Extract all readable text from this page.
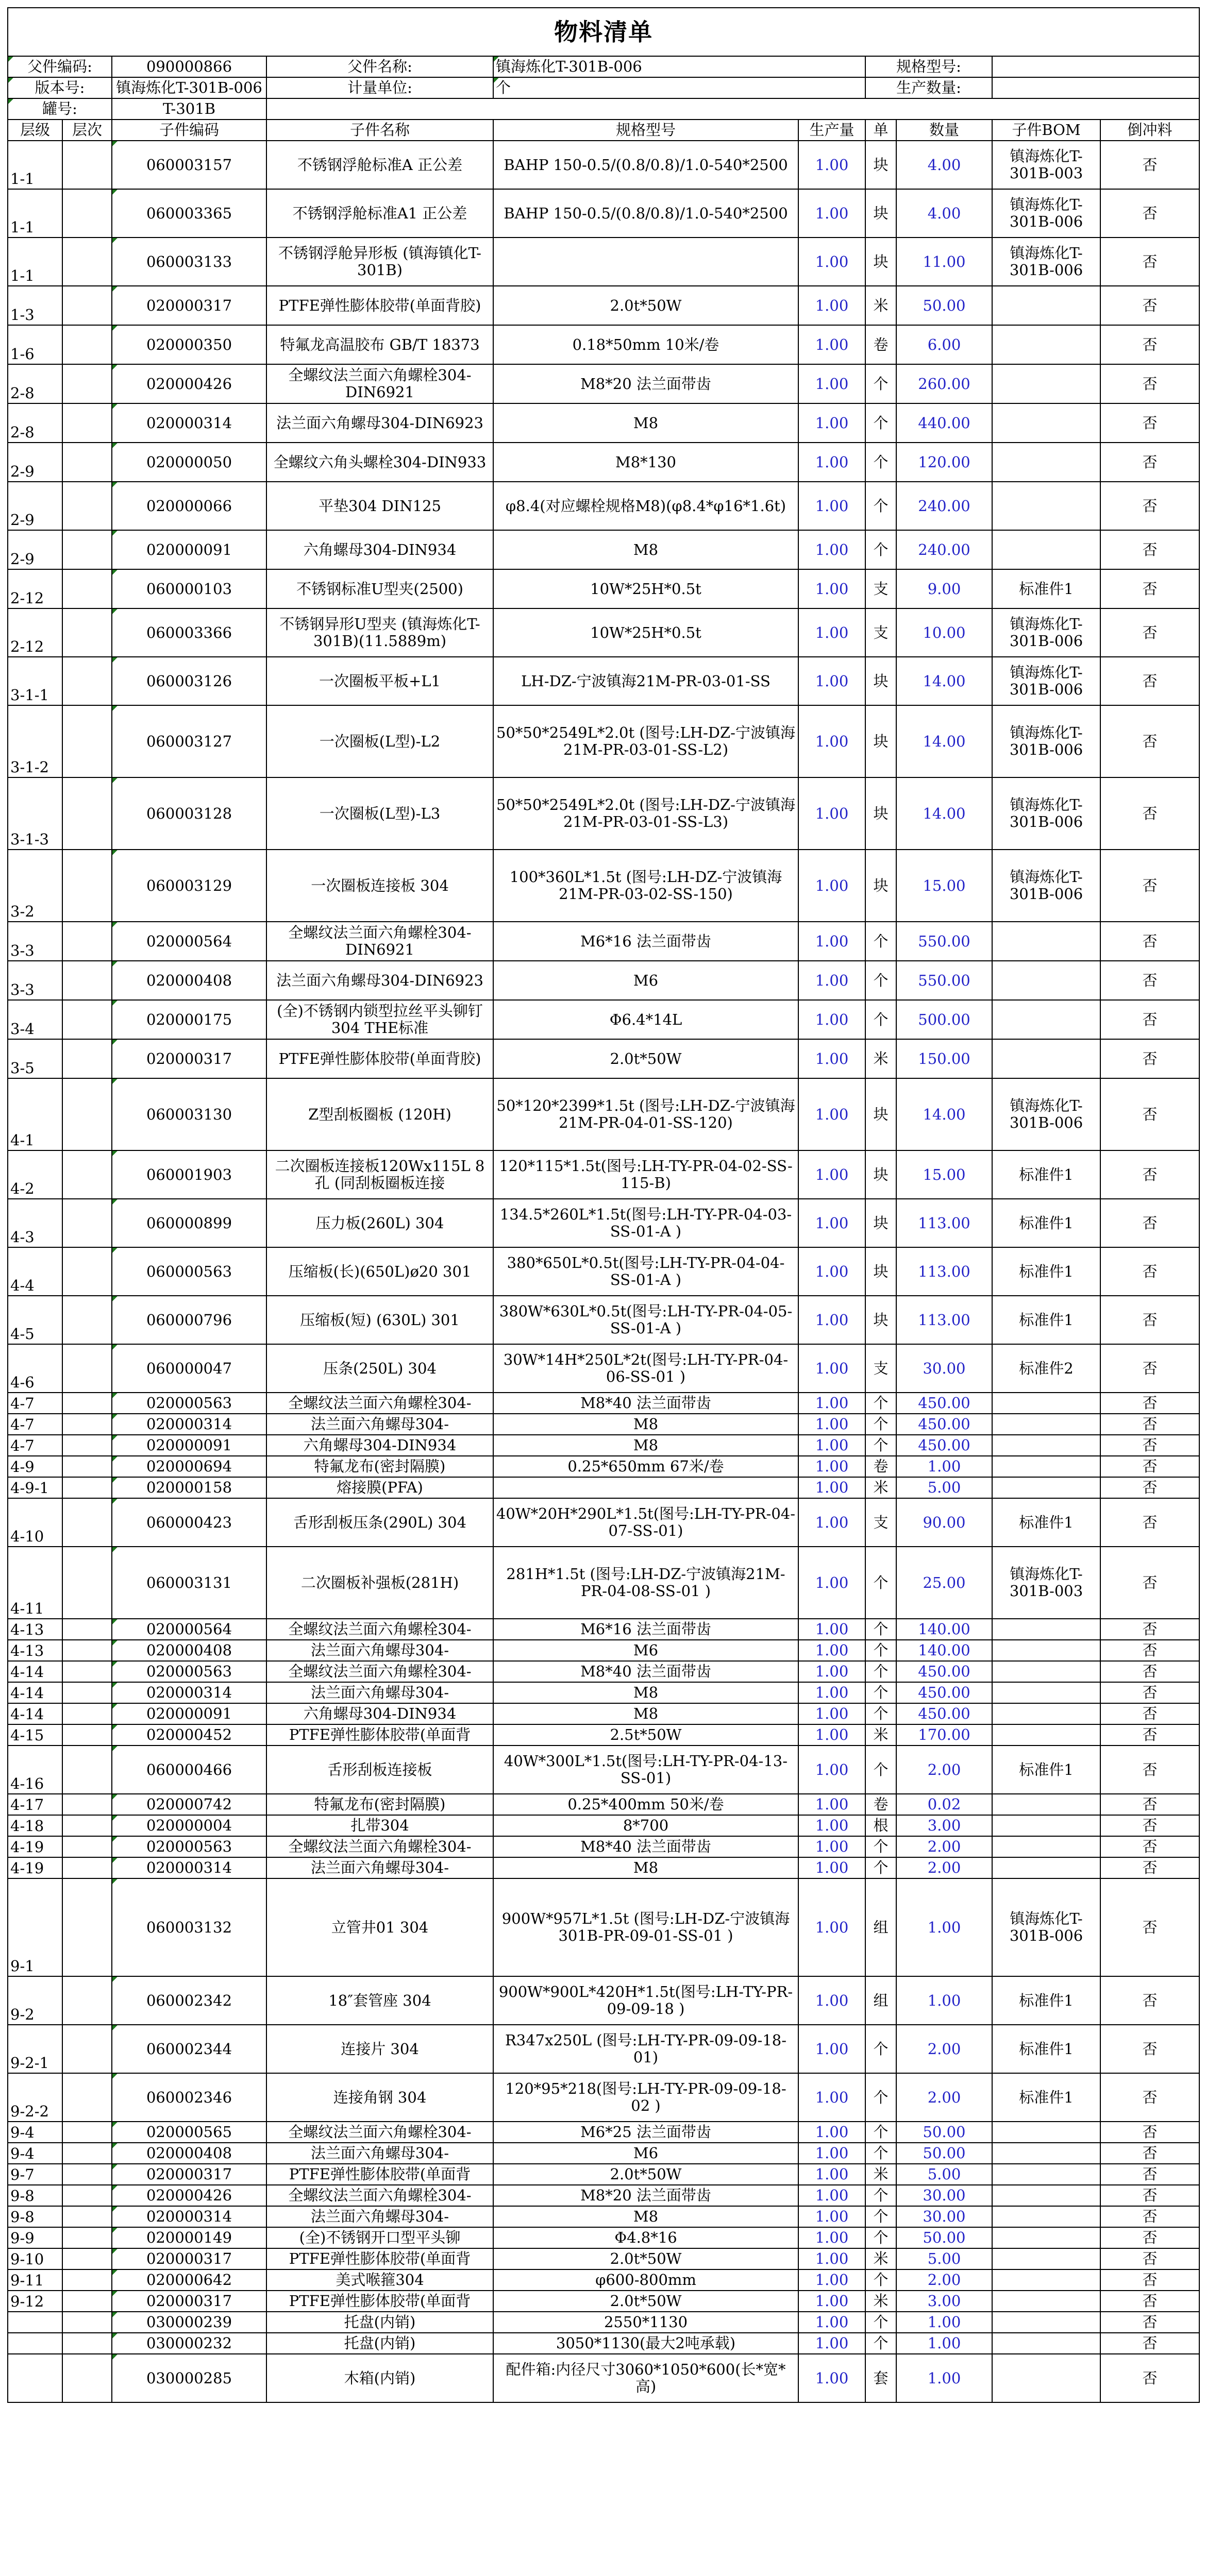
物料清单									
父件编码:		090000866	父件名称:	镇海炼化T-301B-006		规格型号:			
版本号:		镇海炼化T-301B-006	计量单位:	个		生产数量:			
罐号:		T-301B							
层级	层次	子件编码	子件名称	规格型号	生产量	单	数量	子件BOM	倒冲料
1-1		060003157	不锈钢浮舱标准A 正公差	BAHP 150-0.5/(0.8/0.8)/1.0-540*2500	1.00	块	4.00	镇海炼化T-301B-003	否
1-1		060003365	不锈钢浮舱标准A1 正公差	BAHP 150-0.5/(0.8/0.8)/1.0-540*2500	1.00	块	4.00	镇海炼化T-301B-006	否
1-1		060003133	不锈钢浮舱异形板 (镇海镇化T-301B)		1.00	块	11.00	镇海炼化T-301B-006	否
1-3		020000317	PTFE弹性膨体胶带(单面背胶)	2.0t*50W	1.00	米	50.00		否
1-6		020000350	特氟龙高温胶布 GB/T 18373	0.18*50mm 10米/卷	1.00	卷	6.00		否
2-8		020000426	全螺纹法兰面六角螺栓304-DIN6921	M8*20 法兰面带齿	1.00	个	260.00		否
2-8		020000314	法兰面六角螺母304-DIN6923	M8	1.00	个	440.00		否
2-9		020000050	全螺纹六角头螺栓304-DIN933	M8*130	1.00	个	120.00		否
2-9		020000066	平垫304 DIN125	φ8.4(对应螺栓规格M8)(φ8.4*φ16*1.6t)	1.00	个	240.00		否
2-9		020000091	六角螺母304-DIN934	M8	1.00	个	240.00		否
2-12		060000103	不锈钢标准U型夹(2500)	10W*25H*0.5t	1.00	支	9.00	标准件1	否
2-12		060003366	不锈钢异形U型夹 (镇海炼化T-301B)(11.5889m)	10W*25H*0.5t	1.00	支	10.00	镇海炼化T-301B-006	否
3-1-1		060003126	一次圈板平板+L1	LH-DZ-宁波镇海21M-PR-03-01-SS	1.00	块	14.00	镇海炼化T-301B-006	否
3-1-2		060003127	一次圈板(L型)-L2	50*50*2549L*2.0t (图号:LH-DZ-宁波镇海21M-PR-03-01-SS-L2)	1.00	块	14.00	镇海炼化T-301B-006	否
3-1-3		060003128	一次圈板(L型)-L3	50*50*2549L*2.0t (图号:LH-DZ-宁波镇海21M-PR-03-01-SS-L3)	1.00	块	14.00	镇海炼化T-301B-006	否
3-2		060003129	一次圈板连接板 304	100*360L*1.5t (图号:LH-DZ-宁波镇海21M-PR-03-02-SS-150)	1.00	块	15.00	镇海炼化T-301B-006	否
3-3		020000564	全螺纹法兰面六角螺栓304-DIN6921	M6*16 法兰面带齿	1.00	个	550.00		否
3-3		020000408	法兰面六角螺母304-DIN6923	M6	1.00	个	550.00		否
3-4		020000175	(全)不锈钢内锁型拉丝平头铆钉304 THE标准	Φ6.4*14L	1.00	个	500.00		否
3-5		020000317	PTFE弹性膨体胶带(单面背胶)	2.0t*50W	1.00	米	150.00		否
4-1		060003130	Z型刮板圈板 (120H)	50*120*2399*1.5t (图号:LH-DZ-宁波镇海21M-PR-04-01-SS-120)	1.00	块	14.00	镇海炼化T-301B-006	否
4-2		060001903	二次圈板连接板120Wx115L 8孔 (同刮板圈板连接	120*115*1.5t(图号:LH-TY-PR-04-02-SS-115-B)	1.00	块	15.00	标准件1	否
4-3		060000899	压力板(260L) 304	134.5*260L*1.5t(图号:LH-TY-PR-04-03-SS-01-A )	1.00	块	113.00	标准件1	否
4-4		060000563	压缩板(长)(650L)ø20 301	380*650L*0.5t(图号:LH-TY-PR-04-04-SS-01-A )	1.00	块	113.00	标准件1	否
4-5		060000796	压缩板(短) (630L) 301	380W*630L*0.5t(图号:LH-TY-PR-04-05-SS-01-A )	1.00	块	113.00	标准件1	否
4-6		060000047	压条(250L) 304	30W*14H*250L*2t(图号:LH-TY-PR-04-06-SS-01 )	1.00	支	30.00	标准件2	否
4-7		020000563	全螺纹法兰面六角螺栓304-	M8*40 法兰面带齿	1.00	个	450.00		否
4-7		020000314	法兰面六角螺母304-	M8	1.00	个	450.00		否
4-7		020000091	六角螺母304-DIN934	M8	1.00	个	450.00		否
4-9		020000694	特氟龙布(密封隔膜)	0.25*650mm 67米/卷	1.00	卷	1.00		否
4-9-1		020000158	熔接膜(PFA)		1.00	米	5.00		否
4-10		060000423	舌形刮板压条(290L) 304	40W*20H*290L*1.5t(图号:LH-TY-PR-04-07-SS-01)	1.00	支	90.00	标准件1	否
4-11		060003131	二次圈板补强板(281H)	281H*1.5t (图号:LH-DZ-宁波镇海21M-PR-04-08-SS-01 )	1.00	个	25.00	镇海炼化T-301B-003	否
4-13		020000564	全螺纹法兰面六角螺栓304-	M6*16 法兰面带齿	1.00	个	140.00		否
4-13		020000408	法兰面六角螺母304-	M6	1.00	个	140.00		否
4-14		020000563	全螺纹法兰面六角螺栓304-	M8*40 法兰面带齿	1.00	个	450.00		否
4-14		020000314	法兰面六角螺母304-	M8	1.00	个	450.00		否
4-14		020000091	六角螺母304-DIN934	M8	1.00	个	450.00		否
4-15		020000452	PTFE弹性膨体胶带(单面背	2.5t*50W	1.00	米	170.00		否
4-16		060000466	舌形刮板连接板	40W*300L*1.5t(图号:LH-TY-PR-04-13-SS-01)	1.00	个	2.00	标准件1	否
4-17		020000742	特氟龙布(密封隔膜)	0.25*400mm 50米/卷	1.00	卷	0.02		否
4-18		020000004	扎带304	8*700	1.00	根	3.00		否
4-19		020000563	全螺纹法兰面六角螺栓304-	M8*40 法兰面带齿	1.00	个	2.00		否
4-19		020000314	法兰面六角螺母304-	M8	1.00	个	2.00		否
9-1		060003132	立管井01 304	900W*957L*1.5t (图号:LH-DZ-宁波镇海301B-PR-09-01-SS-01 )	1.00	组	1.00	镇海炼化T-301B-006	否
9-2		060002342	18″套管座 304	900W*900L*420H*1.5t(图号:LH-TY-PR-09-09-18 )	1.00	组	1.00	标准件1	否
9-2-1		060002344	连接片 304	R347x250L (图号:LH-TY-PR-09-09-18-01)	1.00	个	2.00	标准件1	否
9-2-2		060002346	连接角钢 304	120*95*218(图号:LH-TY-PR-09-09-18-02 )	1.00	个	2.00	标准件1	否
9-4		020000565	全螺纹法兰面六角螺栓304-	M6*25 法兰面带齿	1.00	个	50.00		否
9-4		020000408	法兰面六角螺母304-	M6	1.00	个	50.00		否
9-7		020000317	PTFE弹性膨体胶带(单面背	2.0t*50W	1.00	米	5.00		否
9-8		020000426	全螺纹法兰面六角螺栓304-	M8*20 法兰面带齿	1.00	个	30.00		否
9-8		020000314	法兰面六角螺母304-	M8	1.00	个	30.00		否
9-9		020000149	(全)不锈钢开口型平头铆	Φ4.8*16	1.00	个	50.00		否
9-10		020000317	PTFE弹性膨体胶带(单面背	2.0t*50W	1.00	米	5.00		否
9-11		020000642	美式喉箍304	φ600-800mm	1.00	个	2.00		否
9-12		020000317	PTFE弹性膨体胶带(单面背	2.0t*50W	1.00	米	3.00		否
		030000239	托盘(内销)	2550*1130	1.00	个	1.00		否
		030000232	托盘(内销)	3050*1130(最大2吨承载)	1.00	个	1.00		否
		030000285	木箱(内销)	配件箱:内径尺寸3060*1050*600(长*宽*高)	1.00	套	1.00		否
